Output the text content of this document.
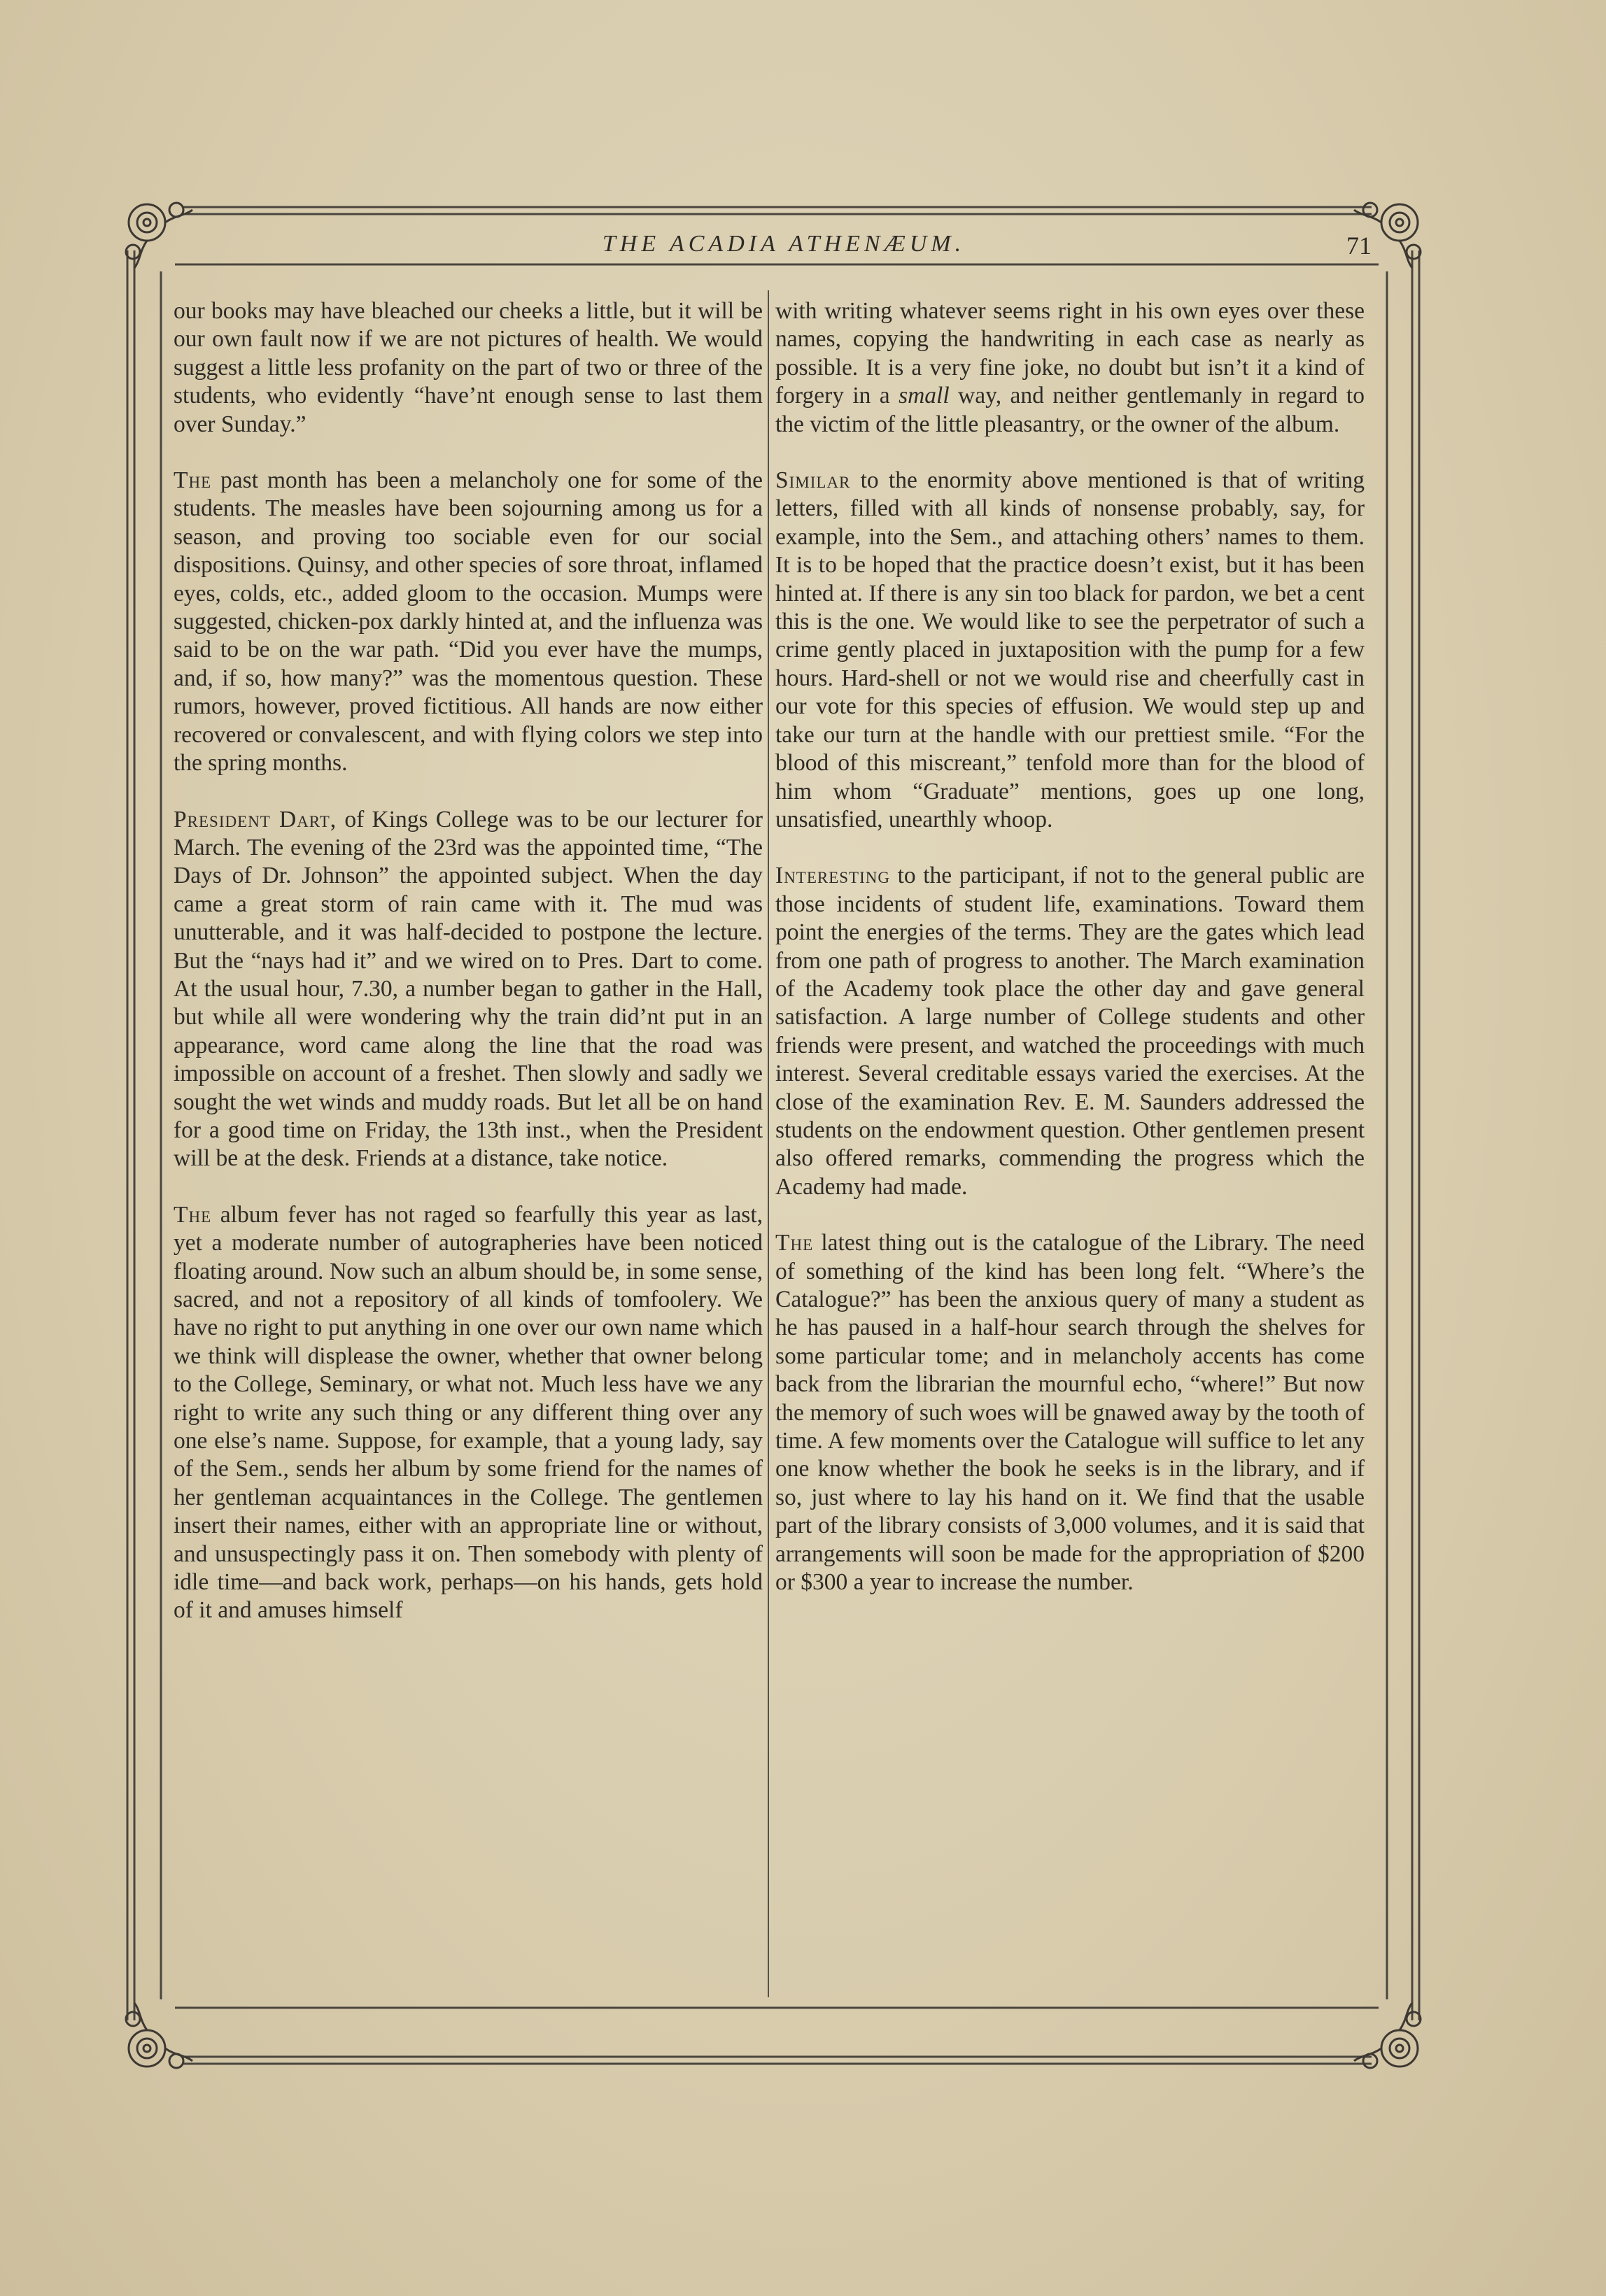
THE ACADIA ATHENÆUM.	71

our books may have bleached our cheeks a little, but it will be our own fault now if we are not pictures of health. We would suggest a little less profanity on the part of two or three of the students, who evidently “have’nt enough sense to last them over Sunday.”

The past month has been a melancholy one for some of the students. The measles have been sojourning among us for a season, and proving too sociable even for our social dispositions. Quinsy, and other species of sore throat, inflamed eyes, colds, etc., added gloom to the occasion. Mumps were suggested, chicken-pox darkly hinted at, and the influenza was said to be on the war path. “Did you ever have the mumps, and, if so, how many?” was the momentous question. These rumors, however, proved fictitious. All hands are now either recovered or convalescent, and with flying colors we step into the spring months.

President Dart, of Kings College was to be our lecturer for March. The evening of the 23rd was the appointed time, “The Days of Dr. Johnson” the appointed subject. When the day came a great storm of rain came with it. The mud was unutterable, and it was half-decided to postpone the lecture. But the “nays had it” and we wired on to Pres. Dart to come. At the usual hour, 7.30, a number began to gather in the Hall, but while all were wondering why the train did’nt put in an appearance, word came along the line that the road was impossible on account of a freshet. Then slowly and sadly we sought the wet winds and muddy roads. But let all be on hand for a good time on Friday, the 13th inst., when the President will be at the desk. Friends at a distance, take notice.

The album fever has not raged so fearfully this year as last, yet a moderate number of autographeries have been noticed floating around. Now such an album should be, in some sense, sacred, and not a repository of all kinds of tomfoolery. We have no right to put anything in one over our own name which we think will displease the owner, whether that owner belong to the College, Seminary, or what not. Much less have we any right to write any such thing or any different thing over any one else’s name. Suppose, for example, that a young lady, say of the Sem., sends her album by some friend for the names of her gentleman acquaintances in the College. The gentlemen insert their names, either with an appropriate line or without, and unsuspectingly pass it on. Then somebody with plenty of idle time—and back work, perhaps—on his hands, gets hold of it and amuses himself

with writing whatever seems right in his own eyes over these names, copying the handwriting in each case as nearly as possible. It is a very fine joke, no doubt but isn’t it a kind of forgery in a small way, and neither gentlemanly in regard to the victim of the little pleasantry, or the owner of the album.

Similar to the enormity above mentioned is that of writing letters, filled with all kinds of nonsense probably, say, for example, into the Sem., and attaching others’ names to them. It is to be hoped that the practice doesn’t exist, but it has been hinted at. If there is any sin too black for pardon, we bet a cent this is the one. We would like to see the perpetrator of such a crime gently placed in juxtaposition with the pump for a few hours. Hard-shell or not we would rise and cheerfully cast in our vote for this species of effusion. We would step up and take our turn at the handle with our prettiest smile. “For the blood of this miscreant,” tenfold more than for the blood of him whom “Graduate” mentions, goes up one long, unsatisfied, unearthly whoop.

Interesting to the participant, if not to the general public are those incidents of student life, examinations. Toward them point the energies of the terms. They are the gates which lead from one path of progress to another. The March examination of the Academy took place the other day and gave general satisfaction. A large number of College students and other friends were present, and watched the proceedings with much interest. Several creditable essays varied the exercises. At the close of the examination Rev. E. M. Saunders addressed the students on the endowment question. Other gentlemen present also offered remarks, commending the progress which the Academy had made.

The latest thing out is the catalogue of the Library. The need of something of the kind has been long felt. “Where’s the Catalogue?” has been the anxious query of many a student as he has paused in a half-hour search through the shelves for some particular tome; and in melancholy accents has come back from the librarian the mournful echo, “where!” But now the memory of such woes will be gnawed away by the tooth of time. A few moments over the Catalogue will suffice to let any one know whether the book he seeks is in the library, and if so, just where to lay his hand on it. We find that the usable part of the library consists of 3,000 volumes, and it is said that arrangements will soon be made for the appropriation of $200 or $300 a year to increase the number.
